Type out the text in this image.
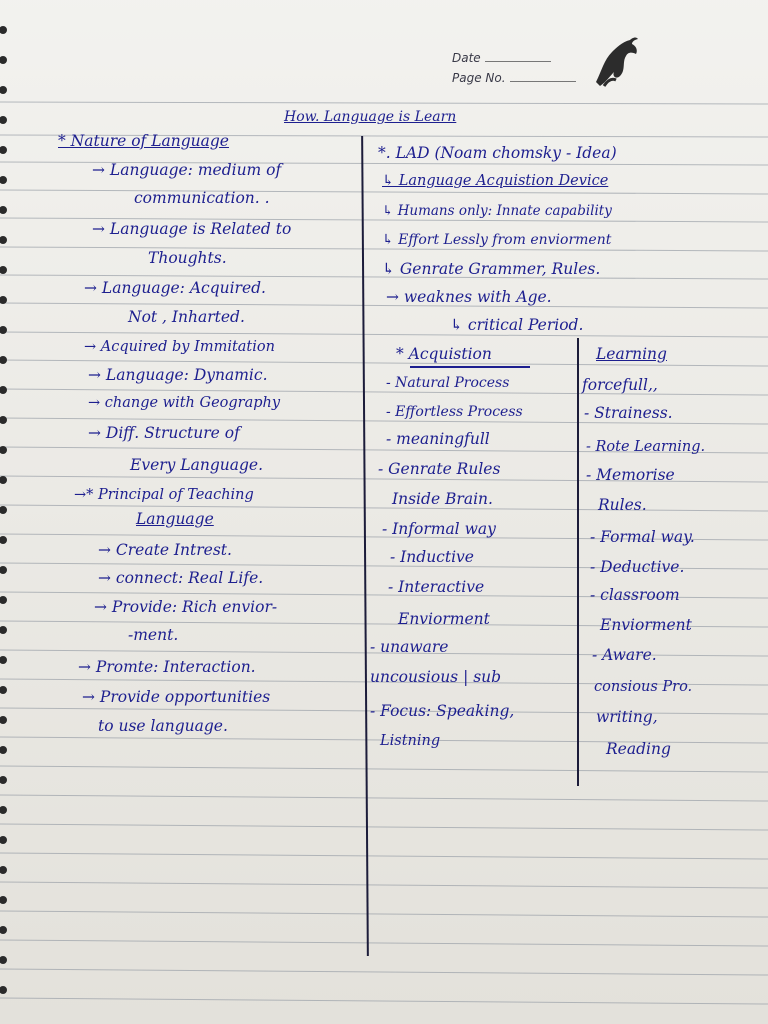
Date
Page No.
How. Language is Learn
* Nature of Language
→ Language: medium of
communication. .
→ Language is Related to
Thoughts.
→ Language: Acquired.
Not , Inharted.
→ Acquired by Immitation
→ Language: Dynamic.
→ change with Geography
→ Diff. Structure of
Every Language.
→* Principal of Teaching
Language
→ Create Intrest.
→ connect: Real Life.
→ Provide: Rich envior-
-ment.
→ Promte: Interaction.
→ Provide opportunities
to use language.
*. LAD (Noam chomsky - Idea)
↳ Language Acquistion Device
↳ Humans only: Innate capability
↳ Effort Lessly from enviorment
↳ Genrate Grammer, Rules.
→ weaknes with Age.
↳ critical Period.
* Acquistion	Learning
- Natural Process
- Effortless Process
- meaningfull
- Genrate Rules
Inside Brain.
- Informal way
- Inductive
- Interactive
Enviorment
- unaware
uncousious | sub
- Focus: Speaking,
Listning
forcefull,,
- Strainess.
- Rote Learning.
- Memorise
Rules.
- Formal way.
- Deductive.
- classroom
Enviorment
- Aware.
consious Pro.
writing,
Reading
